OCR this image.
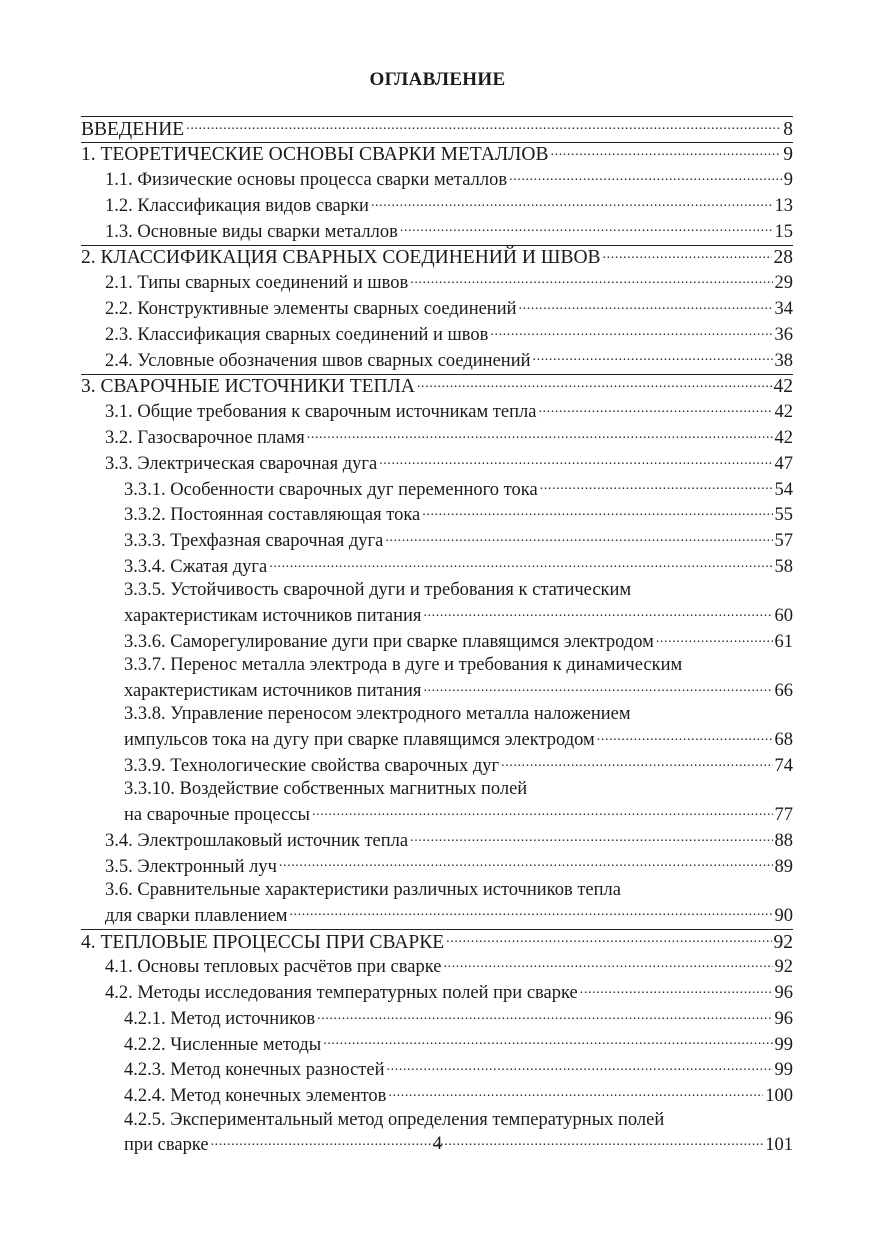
ОГЛАВЛЕНИЕ
ВВЕДЕНИЕ .....	8
1. ТЕОРЕТИЧЕСКИЕ ОСНОВЫ СВАРКИ МЕТАЛЛОВ .....	9
1.1. Физические основы процесса сварки металлов .....	9
1.2. Классификация видов сварки .....	13
1.3. Основные виды сварки металлов .....	15
2. КЛАССИФИКАЦИЯ СВАРНЫХ СОЕДИНЕНИЙ И ШВОВ .....	28
2.1. Типы сварных соединений и швов .....	29
2.2. Конструктивные элементы сварных соединений .....	34
2.3. Классификация сварных соединений и швов .....	36
2.4. Условные обозначения швов сварных соединений .....	38
3. СВАРОЧНЫЕ ИСТОЧНИКИ ТЕПЛА .....	42
3.1. Общие требования к сварочным источникам тепла .....	42
3.2. Газосварочное пламя .....	42
3.3. Электрическая сварочная дуга .....	47
3.3.1. Особенности сварочных дуг переменного тока .....	54
3.3.2. Постоянная составляющая тока .....	55
3.3.3. Трехфазная сварочная дуга .....	57
3.3.4. Сжатая дуга .....	58
3.3.5. Устойчивость сварочной дуги и требования к статическим
характеристикам источников питания .....	60
3.3.6. Саморегулирование дуги при сварке плавящимся электродом .....	61
3.3.7. Перенос металла электрода в дуге и требования к динамическим
характеристикам источников питания .....	66
3.3.8. Управление переносом электродного металла наложением
импульсов тока на дугу при сварке плавящимся электродом .....	68
3.3.9. Технологические свойства сварочных дуг .....	74
3.3.10. Воздействие собственных магнитных полей
на сварочные процессы .....	77
3.4. Электрошлаковый источник тепла .....	88
3.5. Электронный луч .....	89
3.6. Сравнительные характеристики различных источников тепла
для сварки плавлением .....	90
4. ТЕПЛОВЫЕ ПРОЦЕССЫ ПРИ СВАРКЕ .....	92
4.1. Основы тепловых расчётов при сварке .....	92
4.2. Методы исследования температурных полей при сварке .....	96
4.2.1. Метод источников .....	96
4.2.2. Численные методы .....	99
4.2.3. Метод конечных разностей .....	99
4.2.4. Метод конечных элементов .....	100
4.2.5. Экспериментальный метод определения температурных полей
при сварке .....	101
4
